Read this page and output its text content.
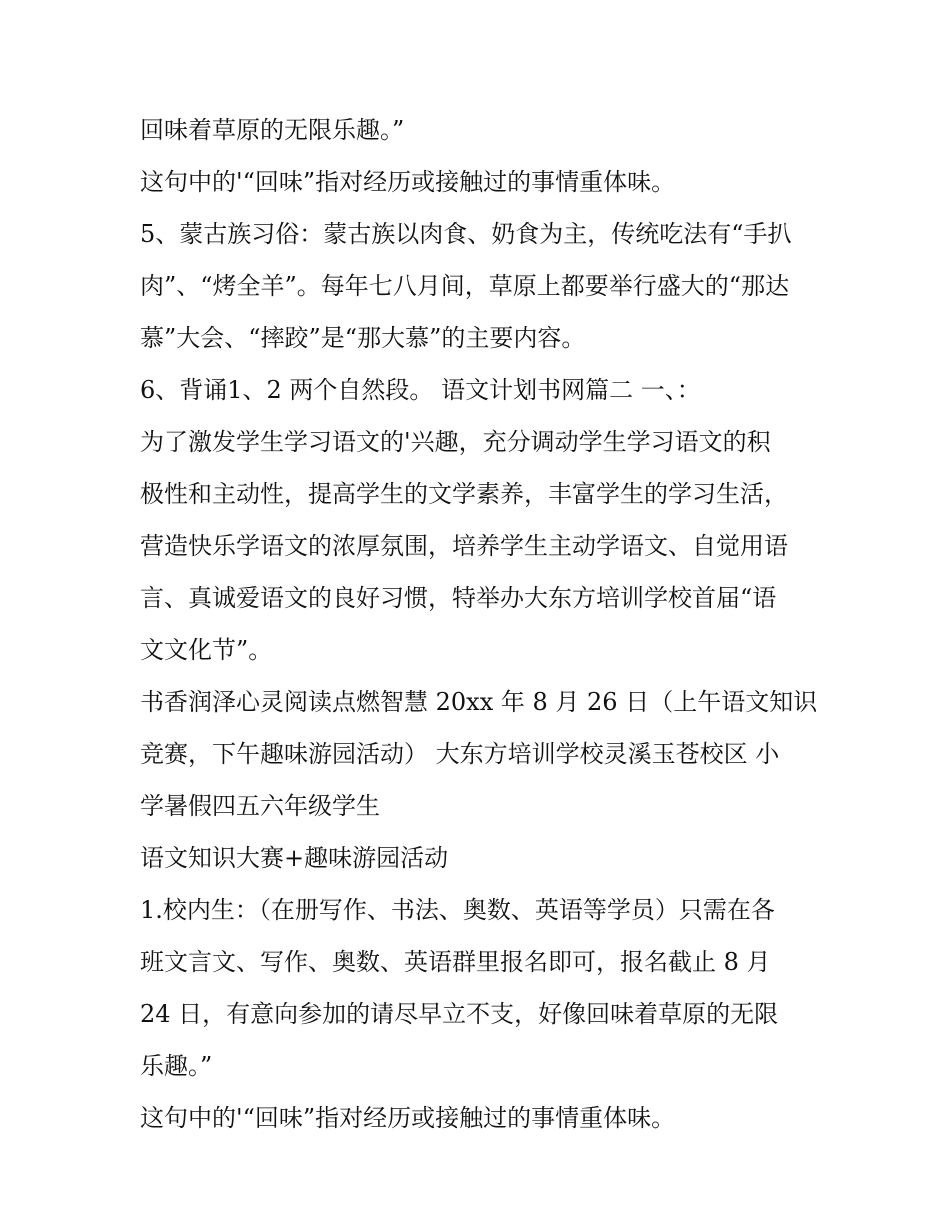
回味着草原的无限乐趣。”

这句中的'“回味”指对经历或接触过的事情重体味。

5、蒙古族习俗：蒙古族以肉食、奶食为主，传统吃法有“手扒

肉”、“烤全羊”。每年七八月间，草原上都要举行盛大的“那达

慕”大会、“摔跤”是“那大慕”的主要内容。

6、背诵1、2 两个自然段。 语文计划书网篇二 一、：

为了激发学生学习语文的'兴趣，充分调动学生学习语文的积

极性和主动性，提高学生的文学素养，丰富学生的学习生活，

营造快乐学语文的浓厚氛围，培养学生主动学语文、自觉用语

言、真诚爱语文的良好习惯，特举办大东方培训学校首届“语

文文化节”。

书香润泽心灵阅读点燃智慧 20xx 年 8 月 26 日（上午语文知识

竞赛，下午趣味游园活动） 大东方培训学校灵溪玉苍校区 小

学暑假四五六年级学生

语文知识大赛+趣味游园活动

1.校内生：（在册写作、书法、奥数、英语等学员）只需在各

班文言文、写作、奥数、英语群里报名即可，报名截止 8 月

24 日，有意向参加的请尽早立不支，好像回味着草原的无限

乐趣。”

这句中的'“回味”指对经历或接触过的事情重体味。
